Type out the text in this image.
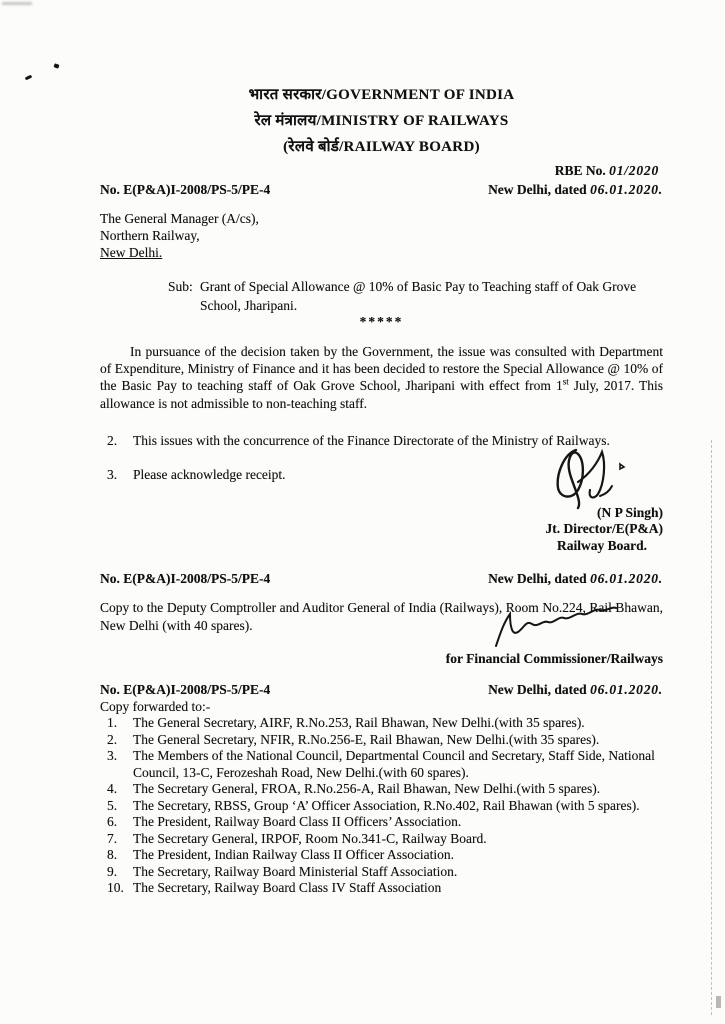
भारत सरकार/GOVERNMENT OF INDIA
रेल मंत्रालय/MINISTRY OF RAILWAYS
(रेलवे बोर्ड/RAILWAY BOARD)
RBE No. 01/2020
No. E(P&A)I-2008/PS-5/PE-4	New Delhi, dated 06.01.2020.
The General Manager (A/cs),
Northern Railway,
New Delhi.
Sub: Grant of Special Allowance @ 10% of Basic Pay to Teaching staff of Oak Grove School, Jharipani.
*****

In pursuance of the decision taken by the Government, the issue was consulted with Department of Expenditure, Ministry of Finance and it has been decided to restore the Special Allowance @ 10% of the Basic Pay to teaching staff of Oak Grove School, Jharipani with effect from 1st July, 2017. This allowance is not admissible to non-teaching staff.

2.	This issues with the concurrence of the Finance Directorate of the Ministry of Railways.
3.	Please acknowledge receipt.
(N P Singh)
Jt. Director/E(P&A)
Railway Board.
No. E(P&A)I-2008/PS-5/PE-4	New Delhi, dated 06.01.2020.

Copy to the Deputy Comptroller and Auditor General of India (Railways), Room No.224, Rail Bhawan, New Delhi (with 40 spares).

for Financial Commissioner/Railways
No. E(P&A)I-2008/PS-5/PE-4	New Delhi, dated 06.01.2020.
Copy forwarded to:-
1.	The General Secretary, AIRF, R.No.253, Rail Bhawan, New Delhi.(with 35 spares).
2.	The General Secretary, NFIR, R.No.256-E, Rail Bhawan, New Delhi.(with 35 spares).
3.	The Members of the National Council, Departmental Council and Secretary, Staff Side, National Council, 13-C, Ferozeshah Road, New Delhi.(with 60 spares).
4.	The Secretary General, FROA, R.No.256-A, Rail Bhawan, New Delhi.(with 5 spares).
5.	The Secretary, RBSS, Group ‘A’ Officer Association, R.No.402, Rail Bhawan (with 5 spares).
6.	The President, Railway Board Class II Officers’ Association.
7.	The Secretary General, IRPOF, Room No.341-C, Railway Board.
8.	The President, Indian Railway Class II Officer Association.
9.	The Secretary, Railway Board Ministerial Staff Association.
10. The Secretary, Railway Board Class IV Staff Association
